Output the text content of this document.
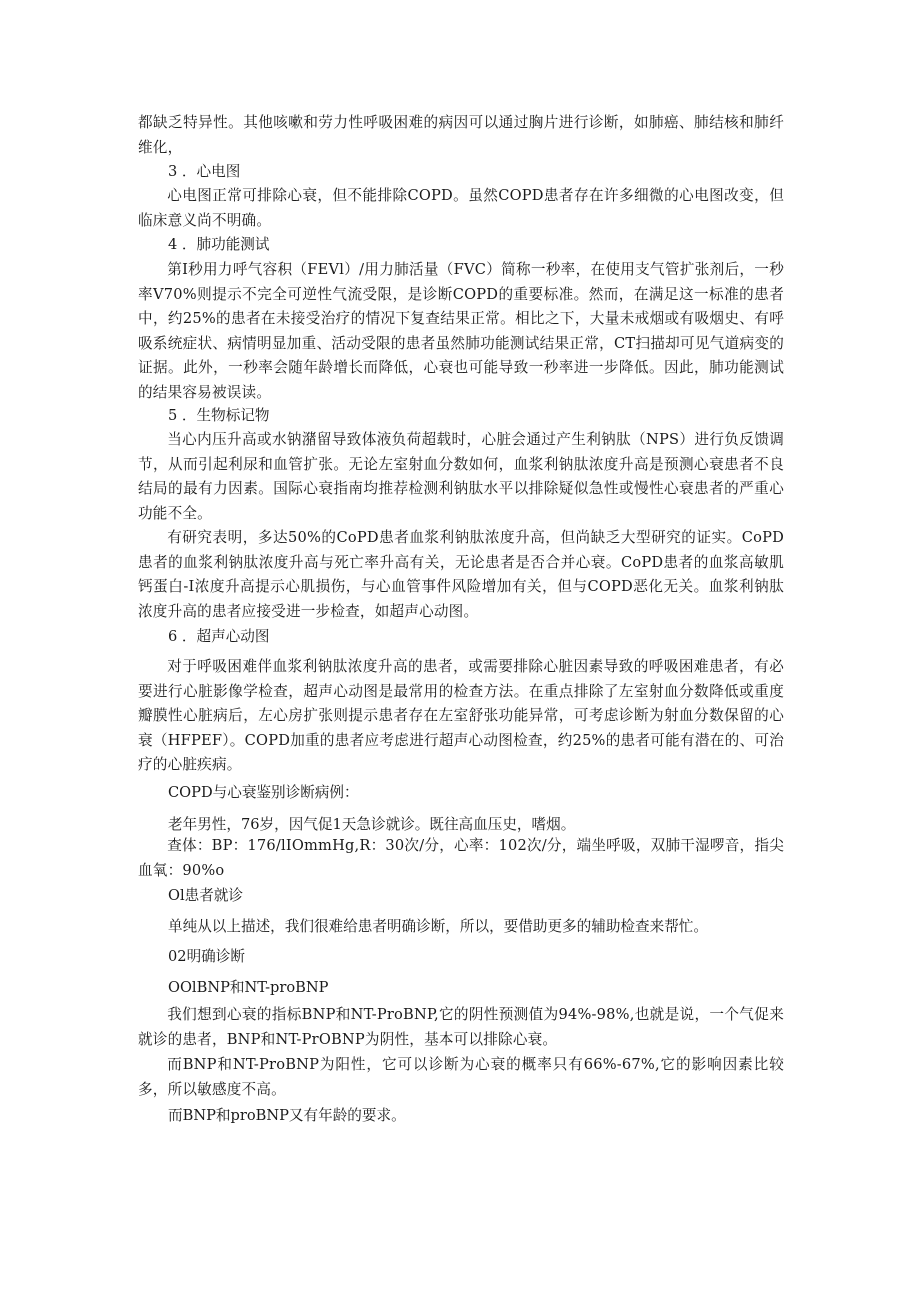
都缺乏特异性。其他咳嗽和劳力性呼吸困难的病因可以通过胸片进行诊断，如肺癌、肺结核和肺纤维化，

3 ．心电图

心电图正常可排除心衰，但不能排除COPD。虽然COPD患者存在许多细微的心电图改变，但临床意义尚不明确。

4 ．肺功能测试

第I秒用力呼气容积（FEVl）/用力肺活量（FVC）简称一秒率，在使用支气管扩张剂后，一秒率V70%则提示不完全可逆性气流受限，是诊断COPD的重要标准。然而，在满足这一标准的患者中，约25%的患者在未接受治疗的情况下复查结果正常。相比之下，大量未戒烟或有吸烟史、有呼吸系统症状、病情明显加重、活动受限的患者虽然肺功能测试结果正常，CT扫描却可见气道病变的证据。此外，一秒率会随年龄增长而降低，心衰也可能导致一秒率进一步降低。因此，肺功能测试的结果容易被误读。

5 ．生物标记物

当心内压升高或水钠潴留导致体液负荷超载时，心脏会通过产生利钠肽（NPS）进行负反馈调节，从而引起利尿和血管扩张。无论左室射血分数如何，血浆利钠肽浓度升高是预测心衰患者不良结局的最有力因素。国际心衰指南均推荐检测利钠肽水平以排除疑似急性或慢性心衰患者的严重心功能不全。

有研究表明，多达50%的CoPD患者血浆利钠肽浓度升高，但尚缺乏大型研究的证实。CoPD患者的血浆利钠肽浓度升高与死亡率升高有关，无论患者是否合并心衰。CoPD患者的血浆高敏肌钙蛋白-I浓度升高提示心肌损伤，与心血管事件风险增加有关，但与COPD恶化无关。血浆利钠肽浓度升高的患者应接受进一步检查，如超声心动图。

6 ．超声心动图

对于呼吸困难伴血浆利钠肽浓度升高的患者，或需要排除心脏因素导致的呼吸困难患者，有必要进行心脏影像学检查，超声心动图是最常用的检查方法。在重点排除了左室射血分数降低或重度瓣膜性心脏病后，左心房扩张则提示患者存在左室舒张功能异常，可考虑诊断为射血分数保留的心衰（HFPEF）。COPD加重的患者应考虑进行超声心动图检查，约25%的患者可能有潜在的、可治疗的心脏疾病。

COPD与心衰鉴别诊断病例：

老年男性，76岁，因气促1天急诊就诊。既往高血压史，嗜烟。

查体：BP：176/lIOmmHg,R：30次/分，心率：102次/分，端坐呼吸，双肺干湿啰音，指尖血氧：90%o

Ol患者就诊

单纯从以上描述，我们很难给患者明确诊断，所以，要借助更多的辅助检查来帮忙。

02明确诊断

OOlBNP和NT-proBNP

我们想到心衰的指标BNP和NT-ProBNP,它的阴性预测值为94%-98%,也就是说，一个气促来就诊的患者，BNP和NT-PrOBNP为阴性，基本可以排除心衰。

而BNP和NT-ProBNP为阳性，它可以诊断为心衰的概率只有66%-67%,它的影响因素比较多，所以敏感度不高。

而BNP和proBNP又有年龄的要求。
